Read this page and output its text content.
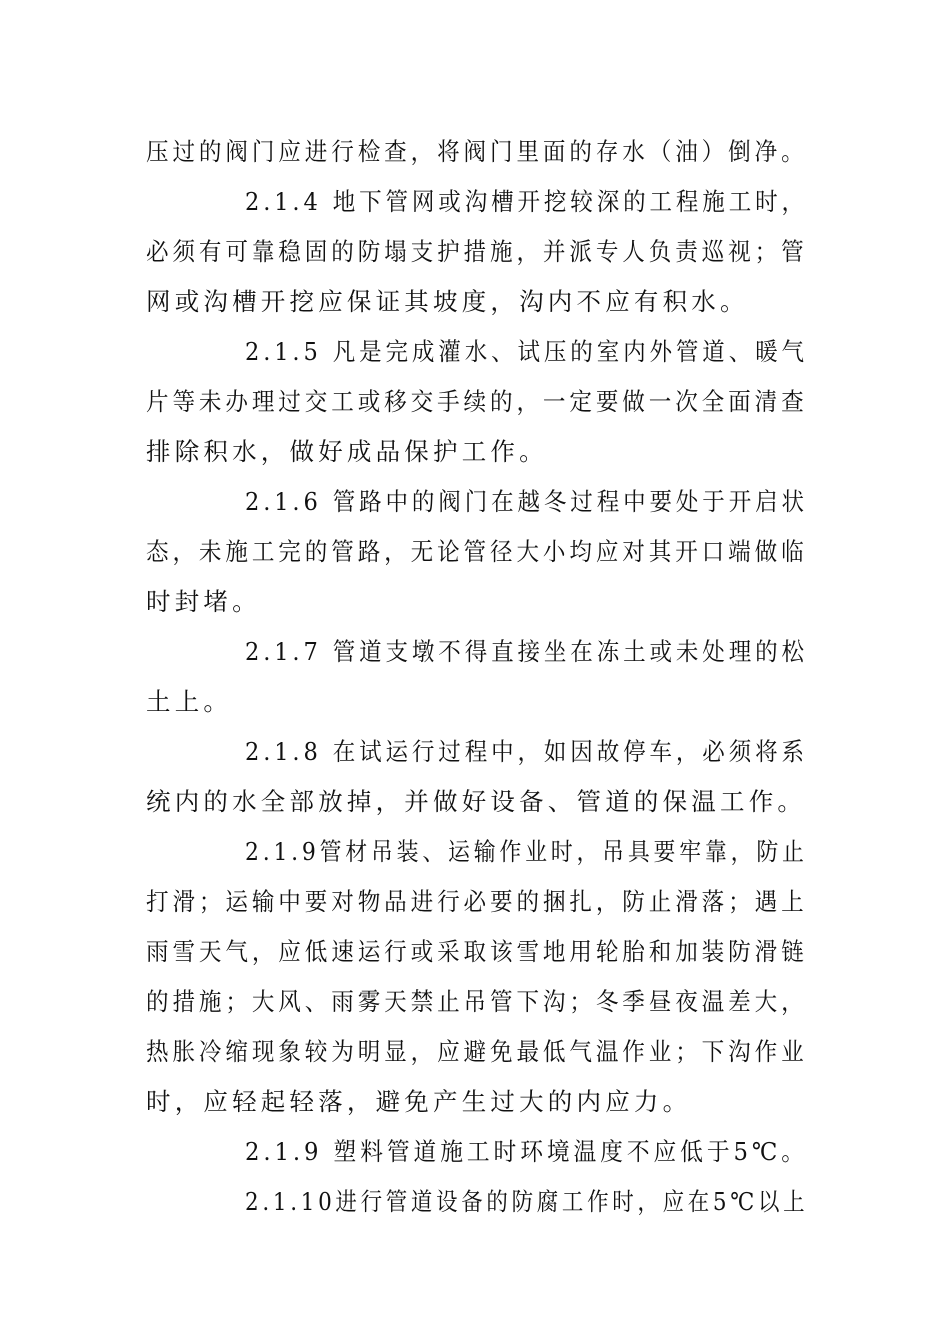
压过的阀门应进行检查，将阀门里面的存水（油）倒净。
2.1.4 地下管网或沟槽开挖较深的工程施工时，
必须有可靠稳固的防塌支护措施，并派专人负责巡视；管
网或沟槽开挖应保证其坡度，沟内不应有积水。
2.1.5 凡是完成灌水、试压的室内外管道、暖气
片等未办理过交工或移交手续的，一定要做一次全面清查
排除积水，做好成品保护工作。
2.1.6 管路中的阀门在越冬过程中要处于开启状
态，未施工完的管路，无论管径大小均应对其开口端做临
时封堵。
2.1.7 管道支墩不得直接坐在冻土或未处理的松
土上。
2.1.8 在试运行过程中，如因故停车，必须将系
统内的水全部放掉，并做好设备、管道的保温工作。
2.1.9管材吊装、运输作业时，吊具要牢靠，防止
打滑；运输中要对物品进行必要的捆扎，防止滑落；遇上
雨雪天气，应低速运行或采取该雪地用轮胎和加装防滑链
的措施；大风、雨雾天禁止吊管下沟；冬季昼夜温差大，
热胀冷缩现象较为明显，应避免最低气温作业；下沟作业
时，应轻起轻落，避免产生过大的内应力。
2.1.9 塑料管道施工时环境温度不应低于5℃。
2.1.10进行管道设备的防腐工作时，应在5℃以上
